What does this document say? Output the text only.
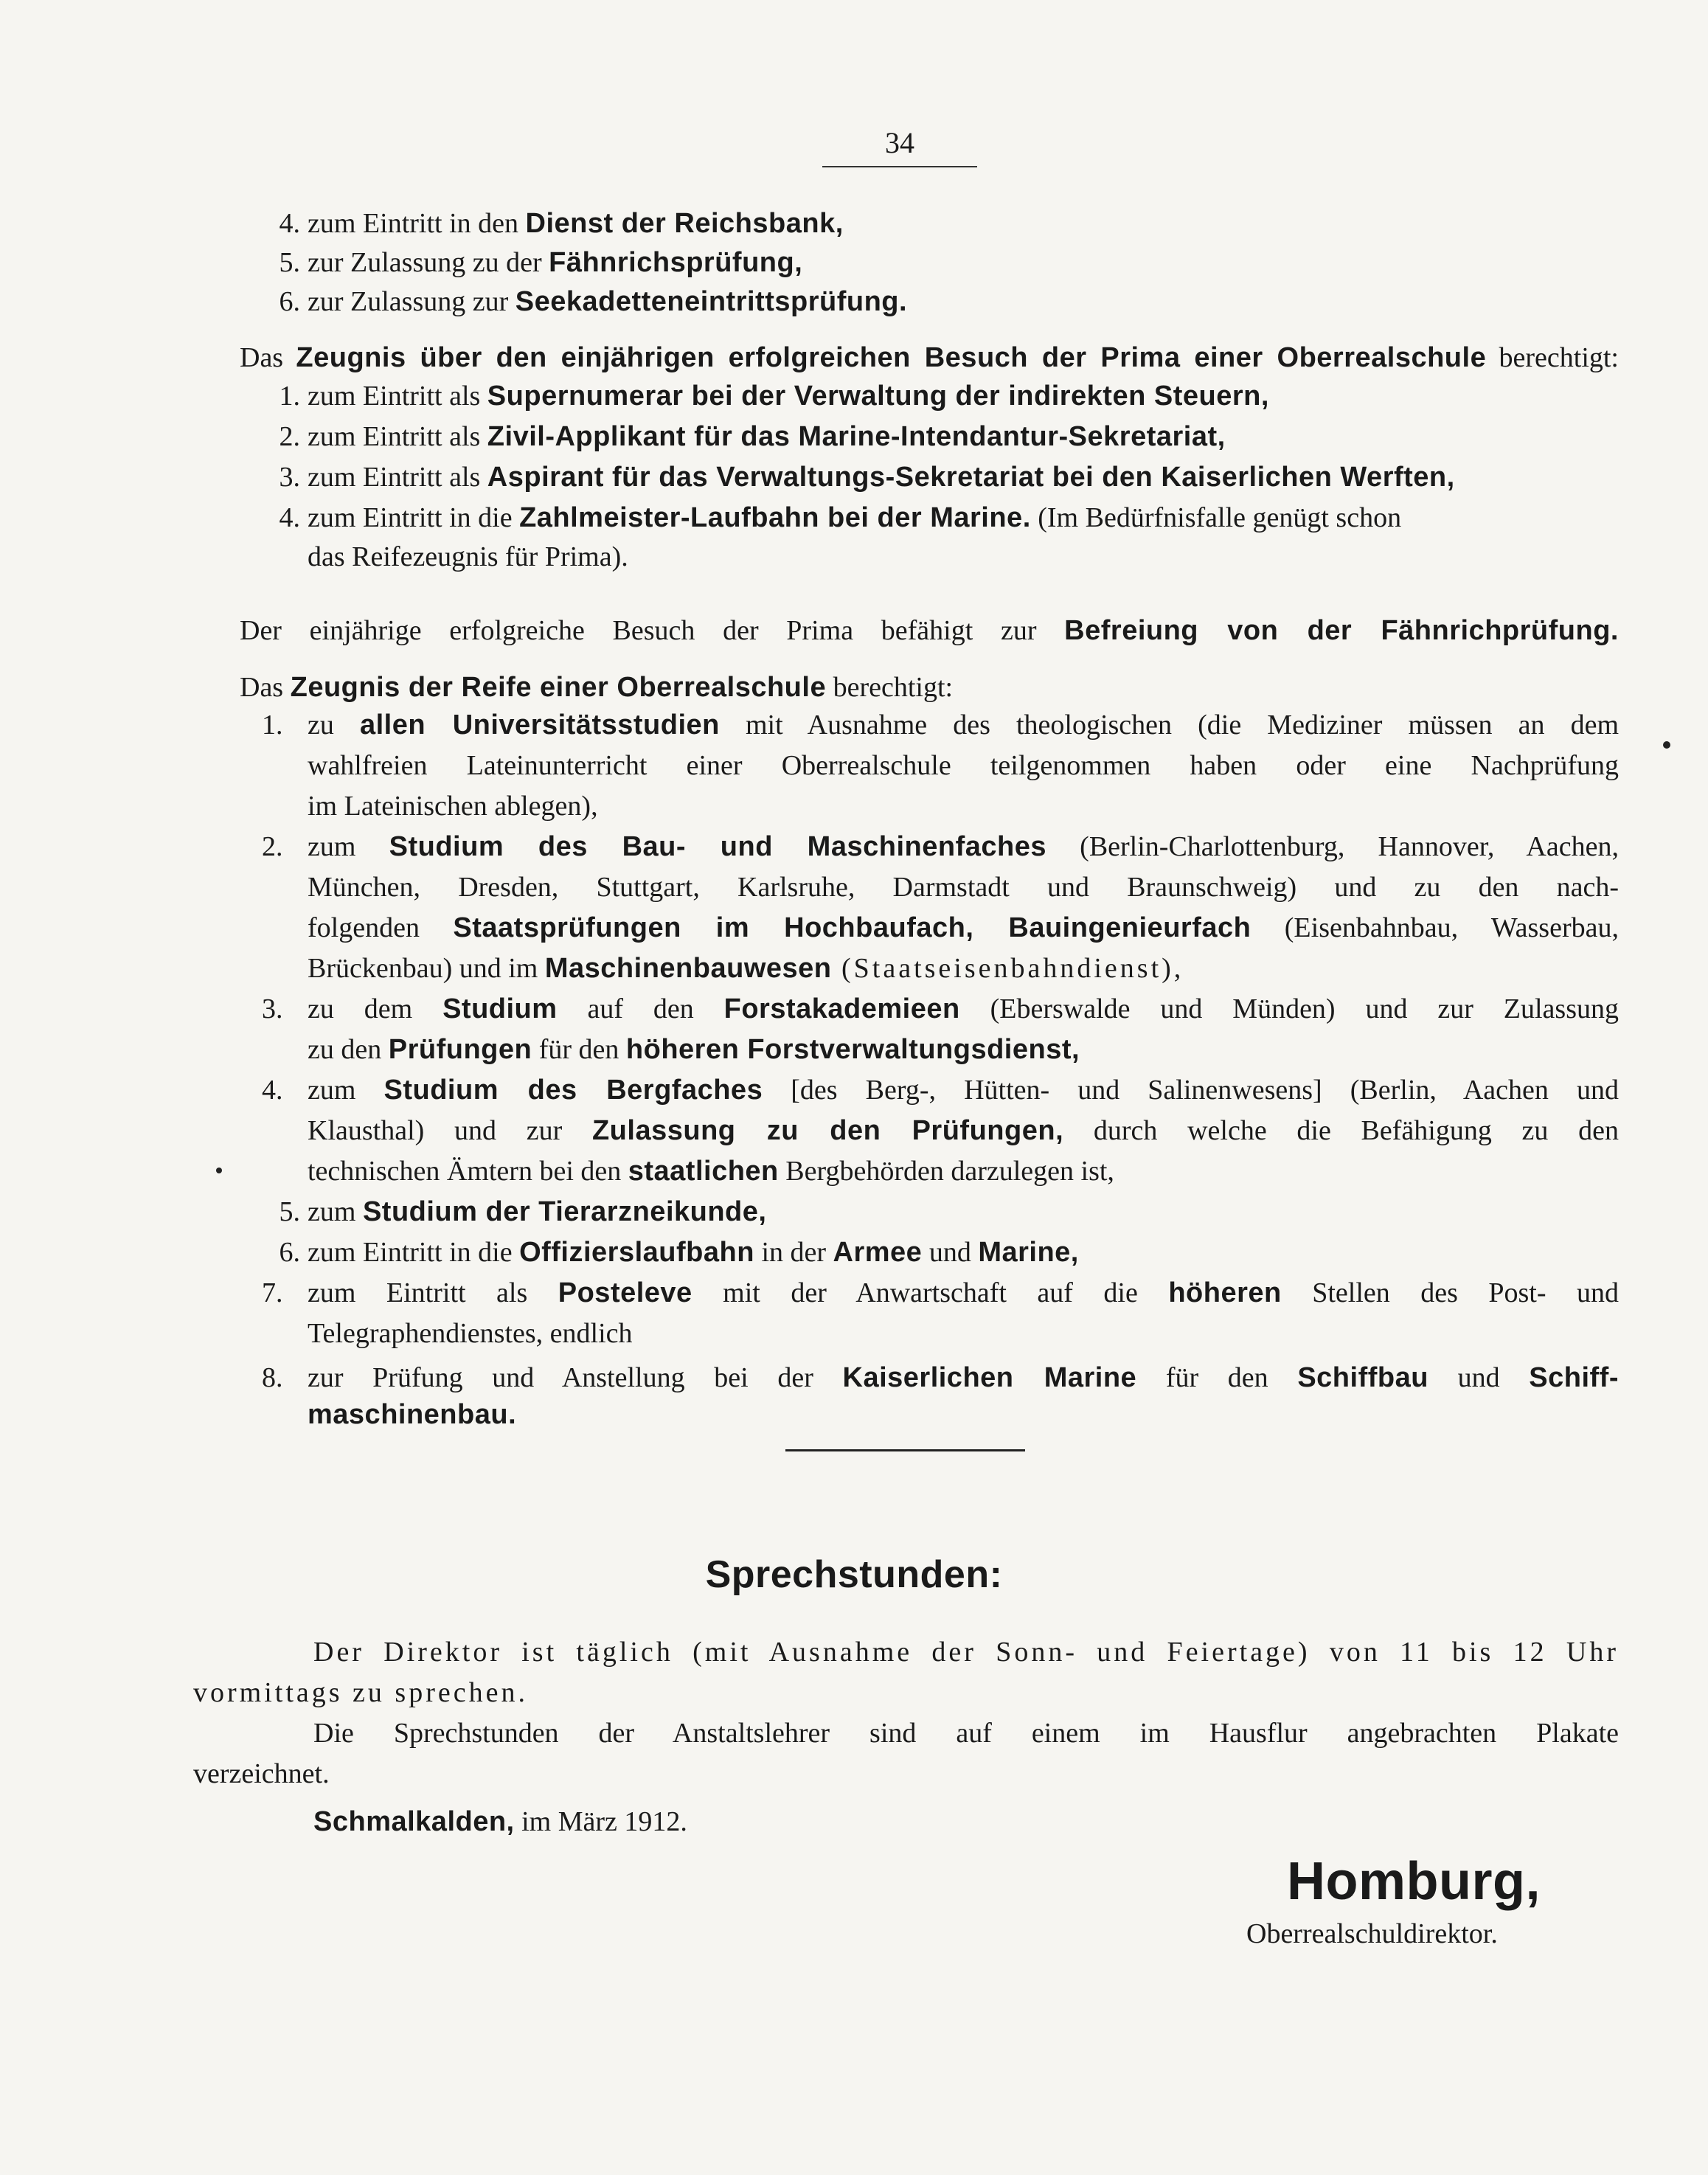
34
4. zum Eintritt in den Dienst der Reichsbank,
5. zur Zulassung zu der Fähnrichsprüfung,
6. zur Zulassung zur Seekadetteneintrittsprüfung.
Das Zeugnis über den einjährigen erfolgreichen Besuch der Prima einer Oberrealschule berechtigt:
1. zum Eintritt als Supernumerar bei der Verwaltung der indirekten Steuern,
2. zum Eintritt als Zivil-Applikant für das Marine-Intendantur-Sekretariat,
3. zum Eintritt als Aspirant für das Verwaltungs-Sekretariat bei den Kaiserlichen Werften,
4. zum Eintritt in die Zahlmeister-Laufbahn bei der Marine. (Im Bedürfnisfalle genügt schon
das Reifezeugnis für Prima).
Der einjährige erfolgreiche Besuch der Prima befähigt zur Befreiung von der Fähnrichprüfung.
Das Zeugnis der Reife einer Oberrealschule berechtigt:
1. zu allen Universitätsstudien mit Ausnahme des theologischen (die Mediziner müssen an dem
wahlfreien Lateinunterricht einer Oberrealschule teilgenommen haben oder eine Nachprüfung
im Lateinischen ablegen),
2. zum Studium des Bau- und Maschinenfaches (Berlin-Charlottenburg, Hannover, Aachen,
München, Dresden, Stuttgart, Karlsruhe, Darmstadt und Braunschweig) und zu den nach-
folgenden Staatsprüfungen im Hochbaufach, Bauingenieurfach (Eisenbahnbau, Wasserbau,
Brückenbau) und im Maschinenbauwesen (Staatseisenbahndienst),
3. zu dem Studium auf den Forstakademieen (Eberswalde und Münden) und zur Zulassung
zu den Prüfungen für den höheren Forstverwaltungsdienst,
4. zum Studium des Bergfaches [des Berg-, Hütten- und Salinenwesens] (Berlin, Aachen und
Klausthal) und zur Zulassung zu den Prüfungen, durch welche die Befähigung zu den
technischen Ämtern bei den staatlichen Bergbehörden darzulegen ist,
5. zum Studium der Tierarzneikunde,
6. zum Eintritt in die Offizierslaufbahn in der Armee und Marine,
7. zum Eintritt als Posteleve mit der Anwartschaft auf die höheren Stellen des Post- und
Telegraphendienstes, endlich
8. zur Prüfung und Anstellung bei der Kaiserlichen Marine für den Schiffbau und Schiff-
maschinenbau.
Sprechstunden:
Der Direktor ist täglich (mit Ausnahme der Sonn- und Feiertage) von 11 bis 12 Uhr
vormittags zu sprechen.
Die Sprechstunden der Anstaltslehrer sind auf einem im Hausflur angebrachten Plakate
verzeichnet.
Schmalkalden, im März 1912.
Homburg,
Oberrealschuldirektor.
